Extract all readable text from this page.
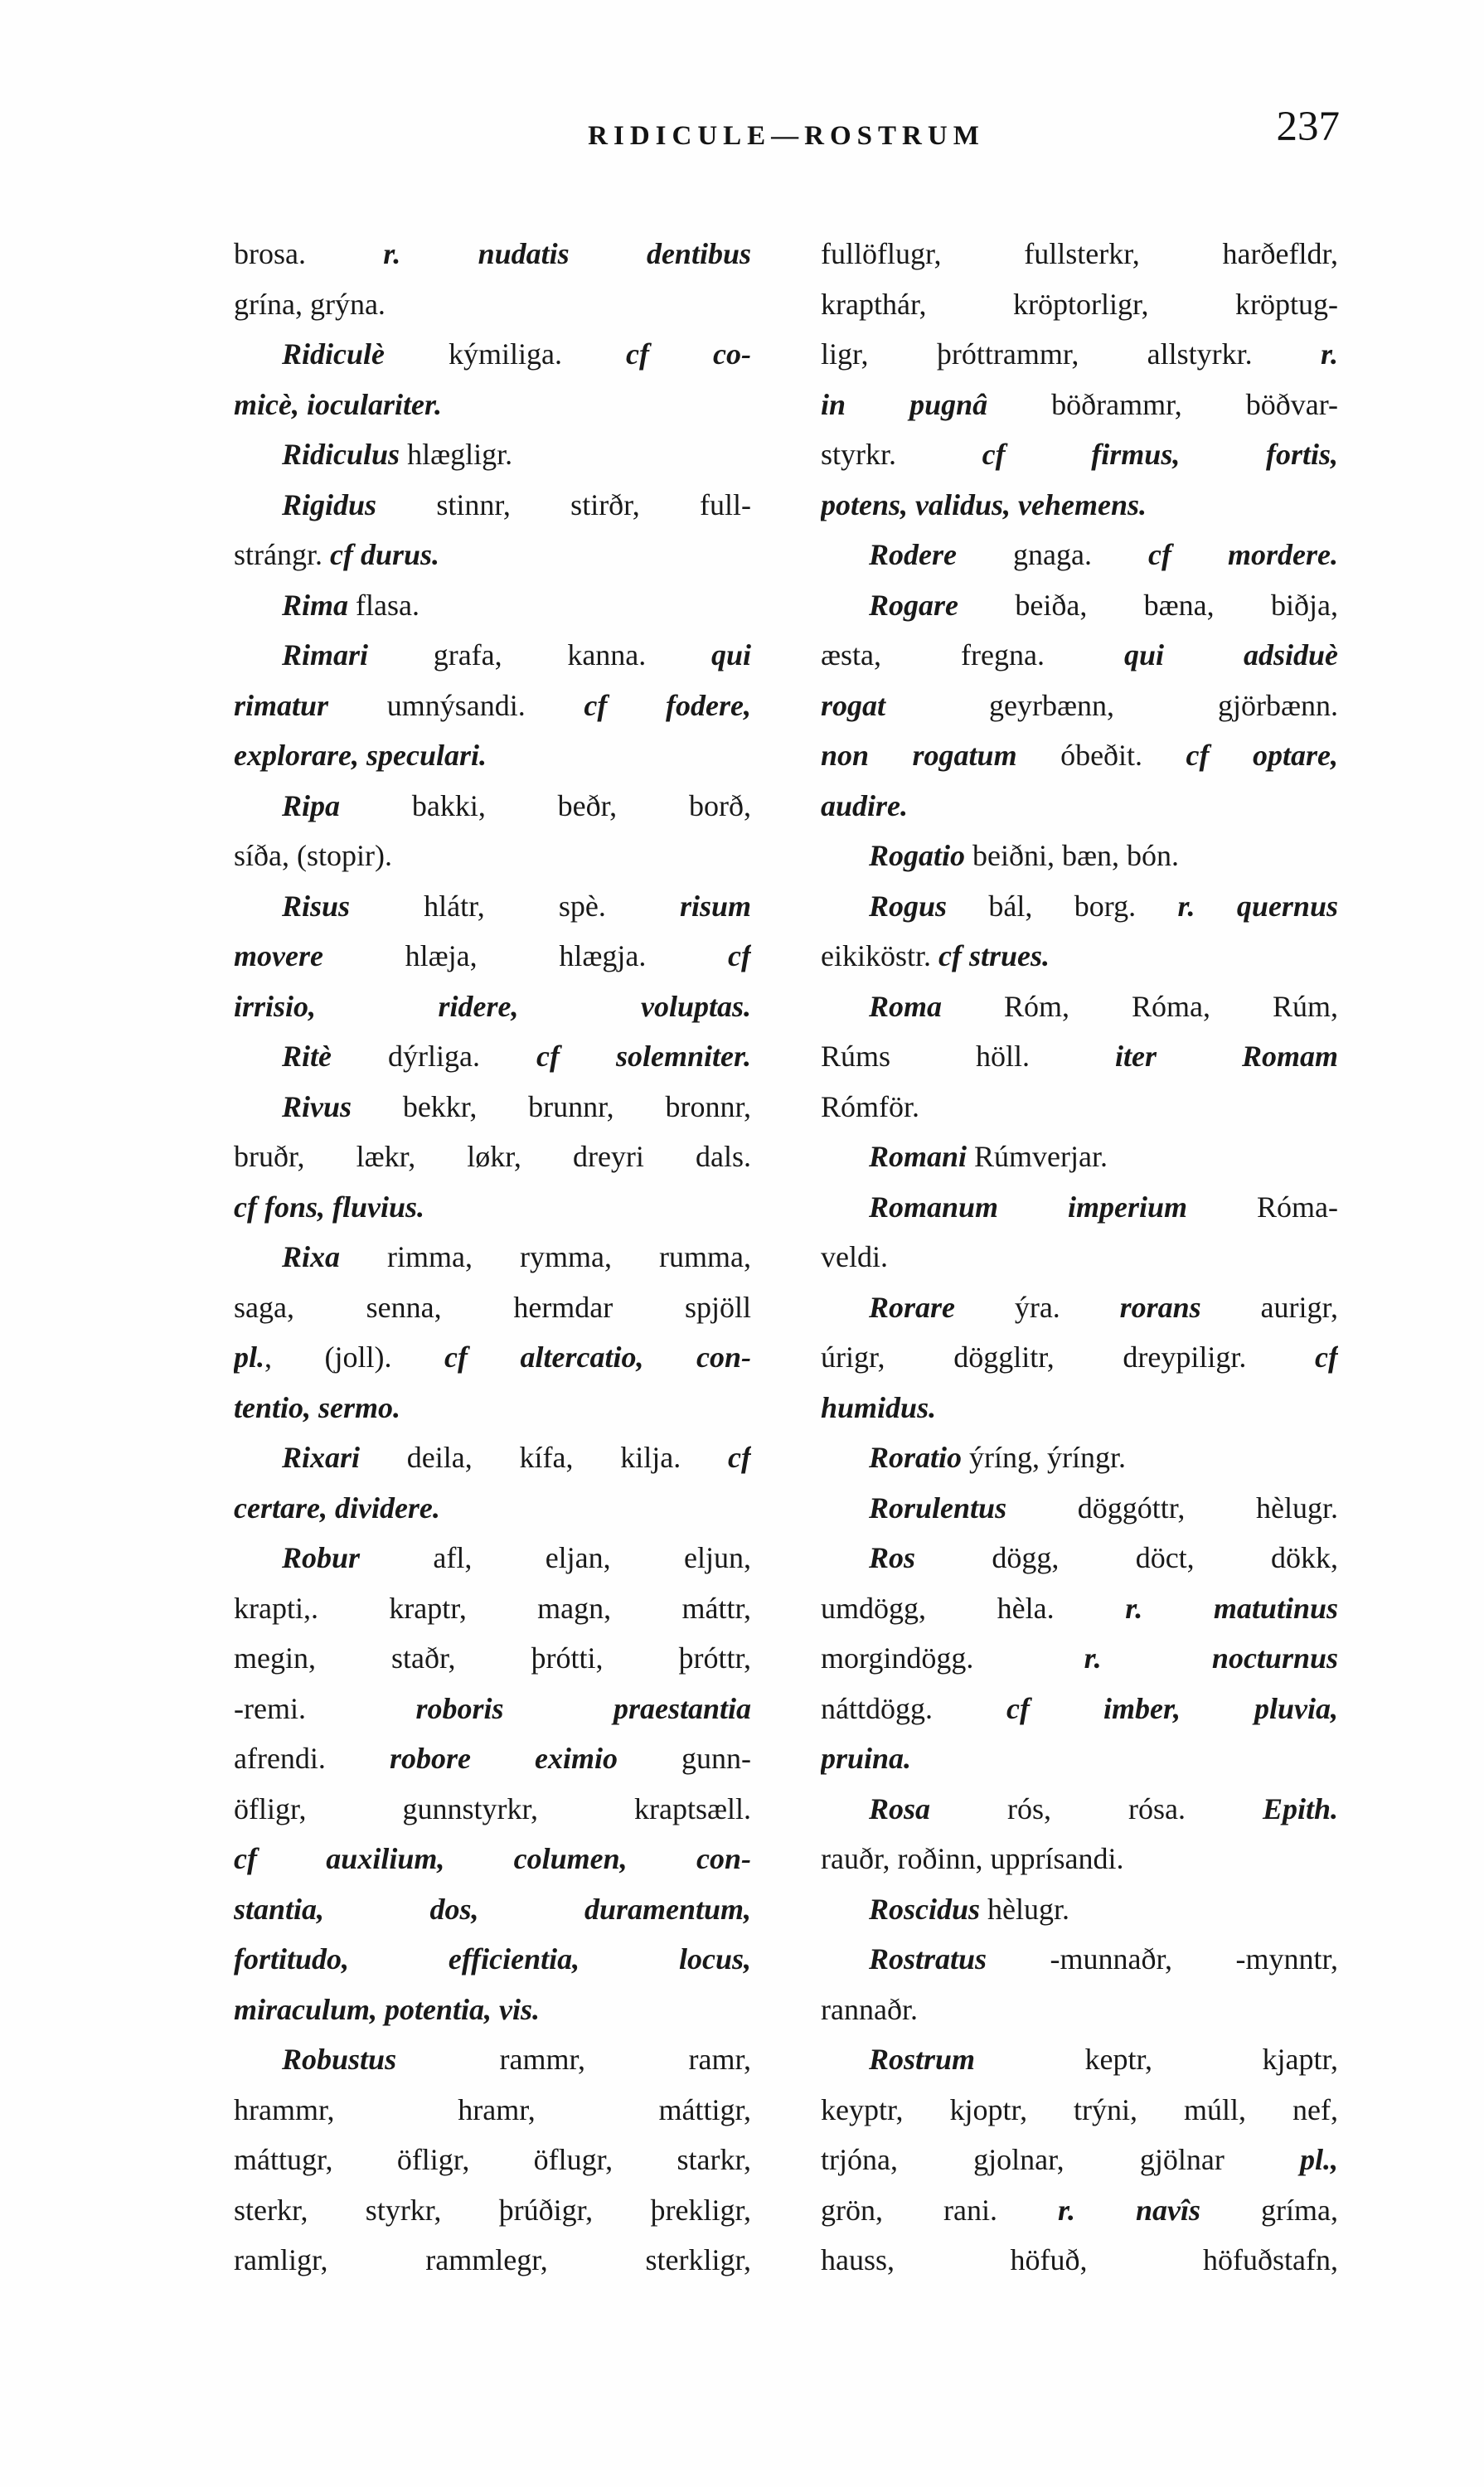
RIDICULE—ROSTRUM	237
brosa. r. nudatis dentibus
grína, grýna.
Ridiculè kýmiliga. cf co-
micè, ioculariter.
Ridiculus hlægligr.
Rigidus stinnr, stirðr, full-
strángr. cf durus.
Rima flasa.
Rimari grafa, kanna. qui
rimatur umnýsandi. cf fodere,
explorare, speculari.
Ripa bakki, beðr, borð,
síða, (stopir).
Risus hlátr, spè. risum
movere hlæja, hlægja. cf
irrisio, ridere, voluptas.
Ritè dýrliga. cf solemniter.
Rivus bekkr, brunnr, bronnr,
bruðr, lækr, løkr, dreyri dals.
cf fons, fluvius.
Rixa rimma, rymma, rumma,
saga, senna, hermdar spjöll
pl., (joll). cf altercatio, con-
tentio, sermo.
Rixari deila, kífa, kilja. cf
certare, dividere.
Robur afl, eljan, eljun,
krapti,. kraptr, magn, máttr,
megin, staðr, þrótti, þróttr,
-remi. roboris praestantia
afrendi. robore eximio gunn-
öfligr, gunnstyrkr, kraptsæll.
cf auxilium, columen, con-
stantia, dos, duramentum,
fortitudo, efficientia, locus,
miraculum, potentia, vis.
Robustus rammr, ramr,
hrammr, hramr, máttigr,
máttugr, öfligr, öflugr, starkr,
sterkr, styrkr, þrúðigr, þrekligr,
ramligr, rammlegr, sterkligr,
fullöflugr, fullsterkr, harðefldr,
krapthár, kröptorligr, kröptug-
ligr, þróttrammr, allstyrkr. r.
in pugnâ böðrammr, böðvar-
styrkr. cf firmus, fortis,
potens, validus, vehemens.
Rodere gnaga. cf mordere.
Rogare beiða, bæna, biðja,
æsta, fregna. qui adsiduè
rogat geyrbænn, gjörbænn.
non rogatum óbeðit. cf optare,
audire.
Rogatio beiðni, bæn, bón.
Rogus bál, borg. r. quernus
eikiköstr. cf strues.
Roma Róm, Róma, Rúm,
Rúms höll. iter Romam
Rómför.
Romani Rúmverjar.
Romanum imperium Róma-
veldi.
Rorare ýra. rorans aurigr,
úrigr, dögglitr, dreypiligr. cf
humidus.
Roratio ýríng, ýríngr.
Rorulentus döggóttr, hèlugr.
Ros dögg, döct, dökk,
umdögg, hèla. r. matutinus
morgindögg. r. nocturnus
náttdögg. cf imber, pluvia,
pruina.
Rosa rós, rósa. Epith.
rauðr, roðinn, upprísandi.
Roscidus hèlugr.
Rostratus -munnaðr, -mynntr,
rannaðr.
Rostrum keptr, kjaptr,
keyptr, kjoptr, trýni, múll, nef,
trjóna, gjolnar, gjölnar pl.,
grön, rani. r. navîs gríma,
hauss, höfuð, höfuðstafn,
